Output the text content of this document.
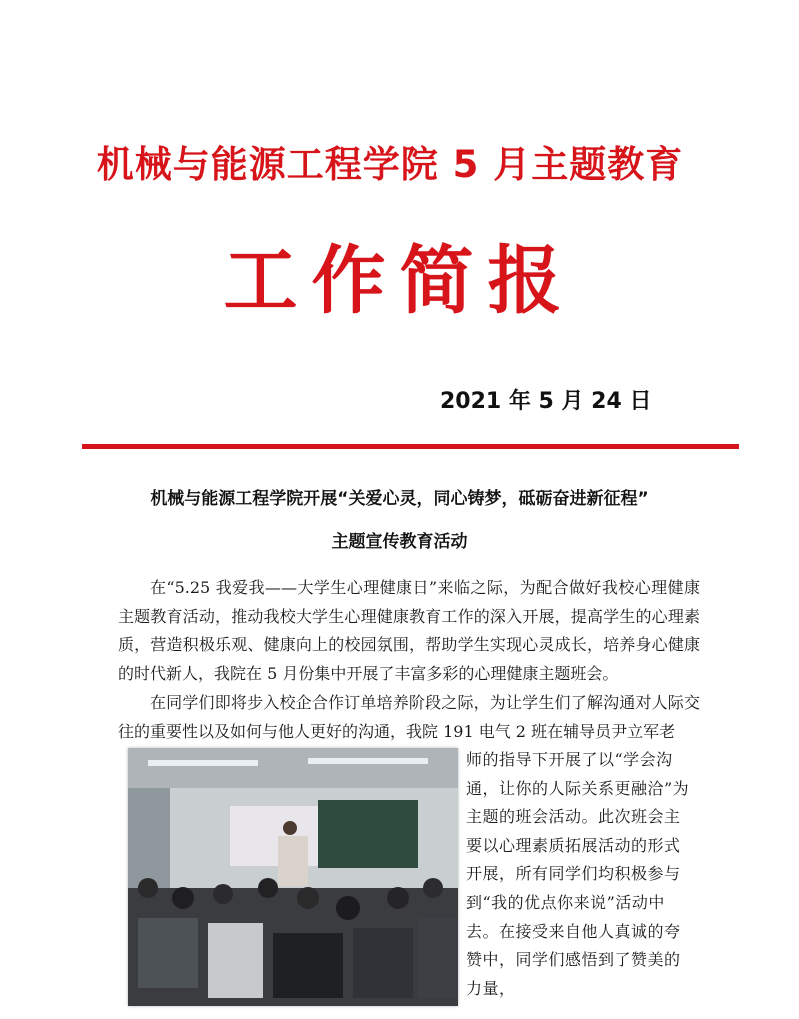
机械与能源工程学院 5 月主题教育
工作简报
2021 年 5 月 24 日
机械与能源工程学院开展“关爱心灵，同心铸梦，砥砺奋进新征程”
主题宣传教育活动
在“5.25 我爱我——大学生心理健康日”来临之际，为配合做好我校心理健康主题教育活动，推动我校大学生心理健康教育工作的深入开展，提高学生的心理素质，营造积极乐观、健康向上的校园氛围，帮助学生实现心灵成长，培养身心健康的时代新人，我院在 5 月份集中开展了丰富多彩的心理健康主题班会。
在同学们即将步入校企合作订单培养阶段之际，为让学生们了解沟通对人际交往的重要性以及如何与他人更好的沟通，我院 191 电气 2 班在辅导员尹立军老
师的指导下开展了以“学会沟通，让你的人际关系更融洽”为主题的班会活动。此次班会主要以心理素质拓展活动的形式开展，所有同学们均积极参与到“我的优点你来说”活动中去。在接受来自他人真诚的夸赞中，同学们感悟到了赞美的力量，
